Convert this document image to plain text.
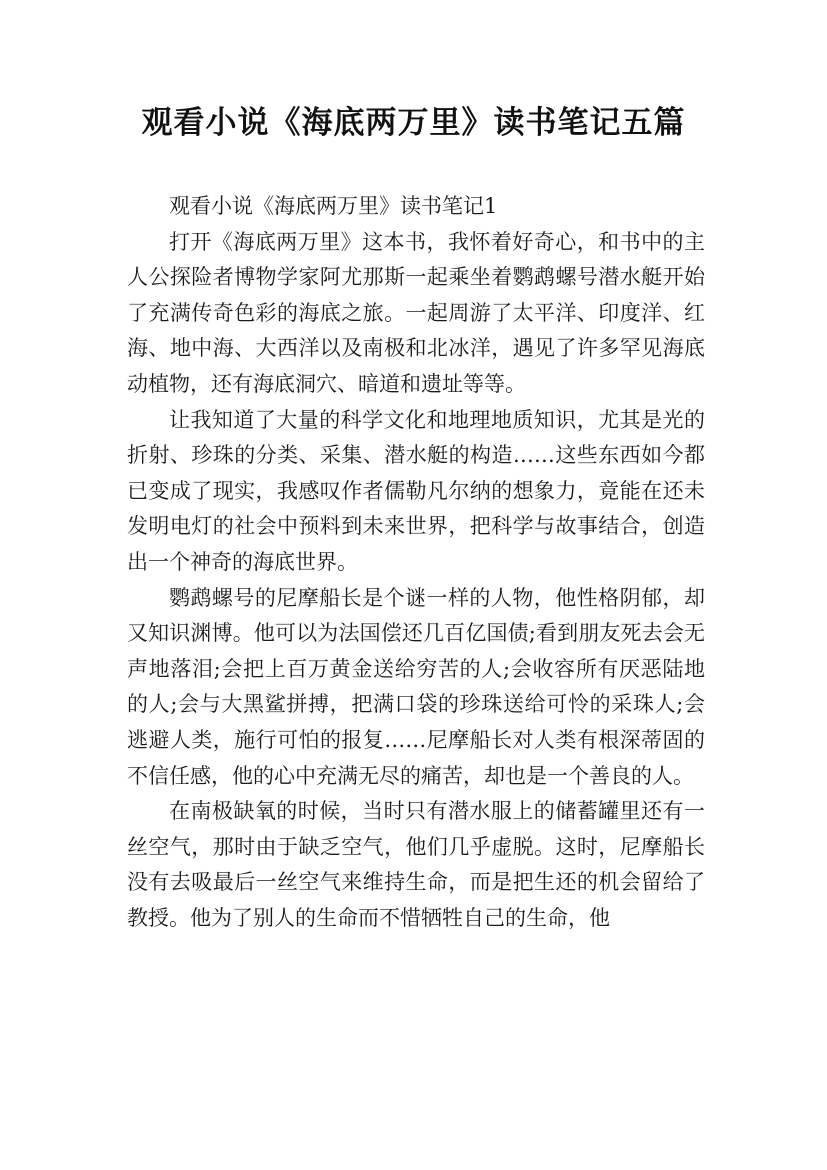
观看小说《海底两万里》读书笔记五篇

观看小说《海底两万里》读书笔记1

打开《海底两万里》这本书，我怀着好奇心，和书中的主人公探险者博物学家阿尤那斯一起乘坐着鹦鹉螺号潜水艇开始了充满传奇色彩的海底之旅。一起周游了太平洋、印度洋、红海、地中海、大西洋以及南极和北冰洋，遇见了许多罕见海底动植物，还有海底洞穴、暗道和遗址等等。

让我知道了大量的科学文化和地理地质知识，尤其是光的折射、珍珠的分类、采集、潜水艇的构造……这些东西如今都已变成了现实，我感叹作者儒勒凡尔纳的想象力，竟能在还未发明电灯的社会中预料到未来世界，把科学与故事结合，创造出一个神奇的海底世界。

鹦鹉螺号的尼摩船长是个谜一样的人物，他性格阴郁，却又知识渊博。他可以为法国偿还几百亿国债;看到朋友死去会无声地落泪;会把上百万黄金送给穷苦的人;会收容所有厌恶陆地的人;会与大黑鲨拼搏，把满口袋的珍珠送给可怜的采珠人;会逃避人类，施行可怕的报复……尼摩船长对人类有根深蒂固的不信任感，他的心中充满无尽的痛苦，却也是一个善良的人。

在南极缺氧的时候，当时只有潜水服上的储蓄罐里还有一丝空气，那时由于缺乏空气，他们几乎虚脱。这时，尼摩船长没有去吸最后一丝空气来维持生命，而是把生还的机会留给了教授。他为了别人的生命而不惜牺牲自己的生命，他
